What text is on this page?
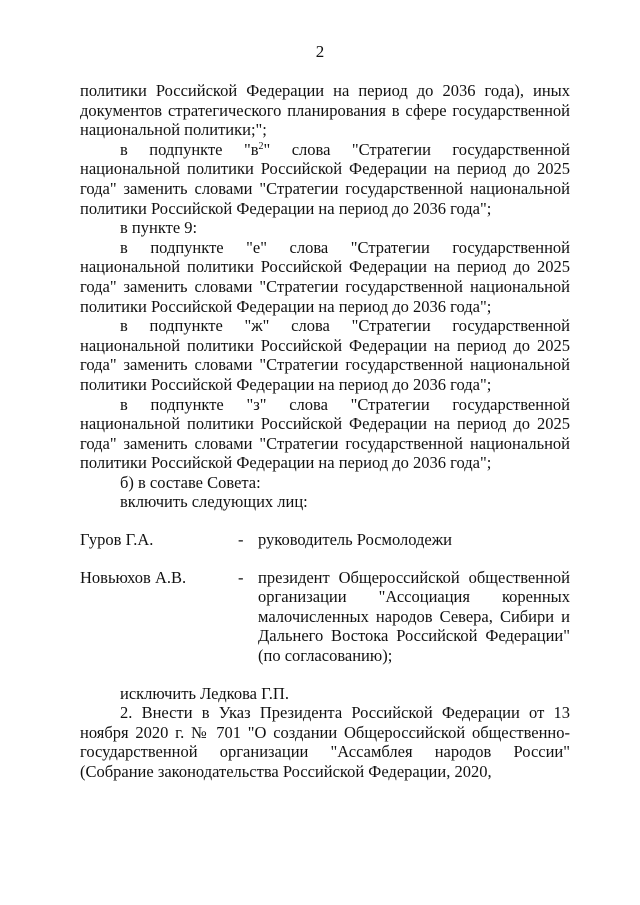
2

политики Российской Федерации на период до 2036 года), иных документов стратегического планирования в сфере государственной национальной политики;";

в подпункте "$в^2$" слова "Стратегии государственной национальной политики Российской Федерации на период до 2025 года" заменить словами "Стратегии государственной национальной политики Российской Федерации на период до 2036 года";

в пункте 9:

в подпункте "е" слова "Стратегии государственной национальной политики Российской Федерации на период до 2025 года" заменить словами "Стратегии государственной национальной политики Российской Федерации на период до 2036 года";

в подпункте "ж" слова "Стратегии государственной национальной политики Российской Федерации на период до 2025 года" заменить словами "Стратегии государственной национальной политики Российской Федерации на период до 2036 года";

в подпункте "з" слова "Стратегии государственной национальной политики Российской Федерации на период до 2025 года" заменить словами "Стратегии государственной национальной политики Российской Федерации на период до 2036 года";

б) в составе Совета:

включить следующих лиц:

Гуров Г.А.	- руководитель Росмолодежи
Новьюхов А.В.	- президент Общероссийской общественной организации "Ассоциация коренных малочисленных народов Севера, Сибири и Дальнего Востока Российской Федерации" (по согласованию);

исключить Ледкова Г.П.

2. Внести в Указ Президента Российской Федерации от 13 ноября 2020 г. № 701 "О создании Общероссийской общественно-государственной организации "Ассамблея народов России" (Собрание законодательства Российской Федерации, 2020,
